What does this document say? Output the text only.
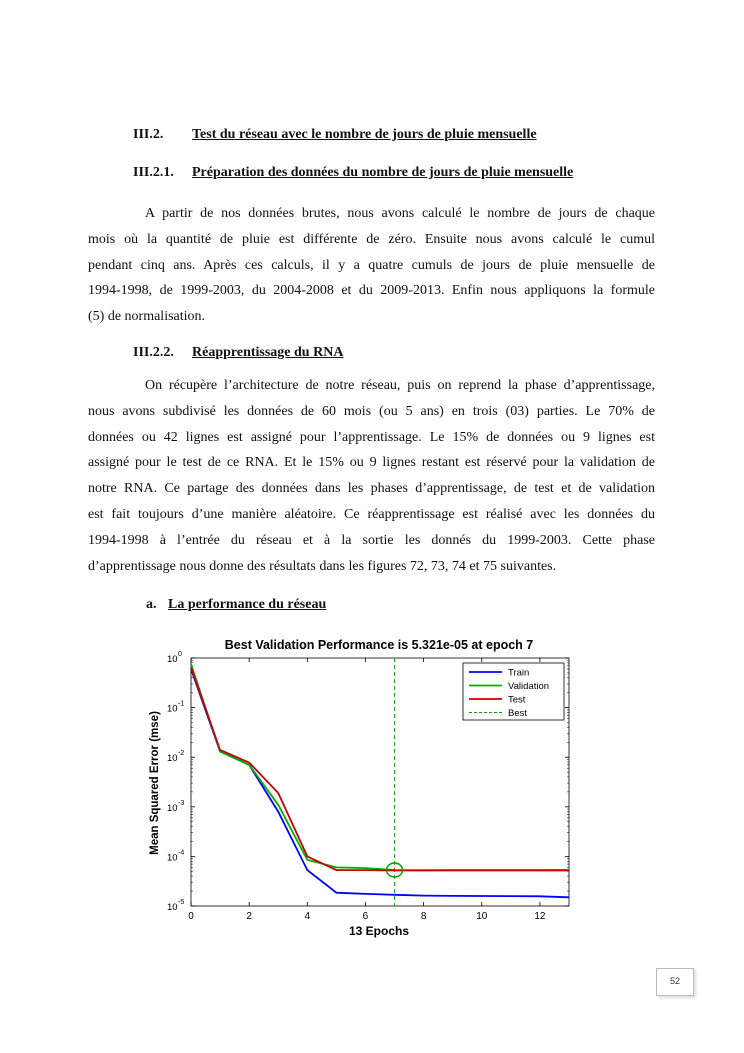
III.2. Test du réseau avec le nombre de jours de pluie mensuelle
III.2.1. Préparation des données du nombre de jours de pluie mensuelle
A partir de nos données brutes, nous avons calculé le nombre de jours de chaque
mois où la quantité de pluie est différente de zéro. Ensuite nous avons calculé le cumul
pendant cinq ans. Après ces calculs, il y a quatre cumuls de jours de pluie mensuelle de
1994-1998, de 1999-2003, du 2004-2008 et du 2009-2013. Enfin nous appliquons la formule
(5) de normalisation.
III.2.2. Réapprentissage du RNA
On récupère l’architecture de notre réseau, puis on reprend la phase d’apprentissage,
nous avons subdivisé les données de 60 mois (ou 5 ans) en trois (03) parties. Le 70% de
données ou 42 lignes est assigné pour l’apprentissage. Le 15% de données ou 9 lignes est
assigné pour le test de ce RNA. Et le 15% ou 9 lignes restant est réservé pour la validation de
notre RNA. Ce partage des données dans les phases d’apprentissage, de test et de validation
est fait toujours d’une manière aléatoire. Ce réapprentissage est réalisé avec les données du
1994-1998 à l’entrée du réseau et à la sortie les donnés du 1999-2003. Cette phase
d’apprentissage nous donne des résultats dans les figures 72, 73, 74 et 75 suivantes.
a. La performance du réseau
Best Validation Performance is 5.321e-05 at epoch 7
13 Epochs
Mean Squared Error (mse)
0	2	4	6	8	10	12
10 0
10 -1
10 -2
10 -3
10 -4
10 -5
Train
Validation
Test
Best
52
